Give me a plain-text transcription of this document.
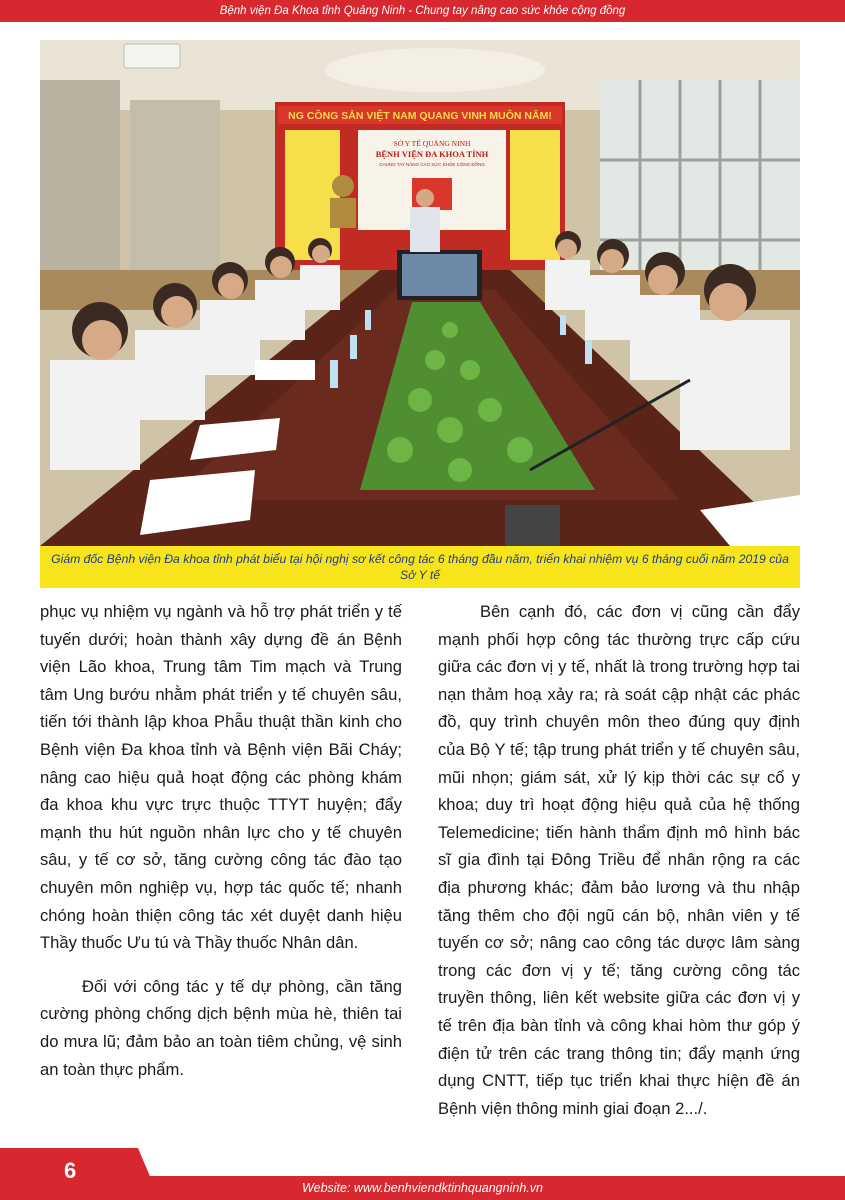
Bệnh viện Đa Khoa tỉnh Quảng Ninh - Chung tay nâng cao sức khỏe cộng đồng
NG CÔNG SẢN VIỆT NAM QUANG VINH MUÔN NĂM!
SỞ Y TẾ QUẢNG NINH
BỆNH VIỆN ĐA KHOA TỈNH
CHUNG TAY NÂNG CAO SỨC KHỎE CỘNG ĐỒNG
Giám đốc Bệnh viện Đa khoa tỉnh phát biểu tại hội nghị sơ kết công tác 6 tháng đầu năm, triển khai nhiệm vụ 6 tháng cuối năm 2019 của Sở Y tế

phục vụ nhiệm vụ ngành và hỗ trợ phát triển y tế tuyến dưới; hoàn thành xây dựng đề án Bệnh viện Lão khoa, Trung tâm Tim mạch và Trung tâm Ung bướu nhằm phát triển y tế chuyên sâu, tiến tới thành lập khoa Phẫu thuật thần kinh cho Bệnh viện Đa khoa tỉnh và Bệnh viện Bãi Cháy; nâng cao hiệu quả hoạt động các phòng khám đa khoa khu vực trực thuộc TTYT huyện; đẩy mạnh thu hút nguồn nhân lực cho y tế chuyên sâu, y tế cơ sở, tăng cường công tác đào tạo chuyên môn nghiệp vụ, hợp tác quốc tế; nhanh chóng hoàn thiện công tác xét duyệt danh hiệu Thầy thuốc Ưu tú và Thầy thuốc Nhân dân.

Đối với công tác y tế dự phòng, cần tăng cường phòng chống dịch bệnh mùa hè, thiên tai do mưa lũ; đảm bảo an toàn tiêm chủng, vệ sinh an toàn thực phẩm.

Bên cạnh đó, các đơn vị cũng cần đẩy mạnh phối hợp công tác thường trực cấp cứu giữa các đơn vị y tế, nhất là trong trường hợp tai nạn thảm hoạ xảy ra; rà soát cập nhật các phác đồ, quy trình chuyên môn theo đúng quy định của Bộ Y tế; tập trung phát triển y tế chuyên sâu, mũi nhọn; giám sát, xử lý kịp thời các sự cố y khoa; duy trì hoạt động hiệu quả của hệ thống Telemedicine; tiến hành thẩm định mô hình bác sĩ gia đình tại Đông Triều để nhân rộng ra các địa phương khác; đảm bảo lương và thu nhập tăng thêm cho đội ngũ cán bộ, nhân viên y tế tuyến cơ sở; nâng cao công tác dược lâm sàng trong các đơn vị y tế; tăng cường công tác truyền thông, liên kết website giữa các đơn vị y tế trên địa bàn tỉnh và công khai hòm thư góp ý điện tử trên các trang thông tin; đẩy mạnh ứng dụng CNTT, tiếp tục triển khai thực hiện đề án Bệnh viện thông minh giai đoạn 2.../.

6
Website: www.benhviendktinhquangninh.vn
